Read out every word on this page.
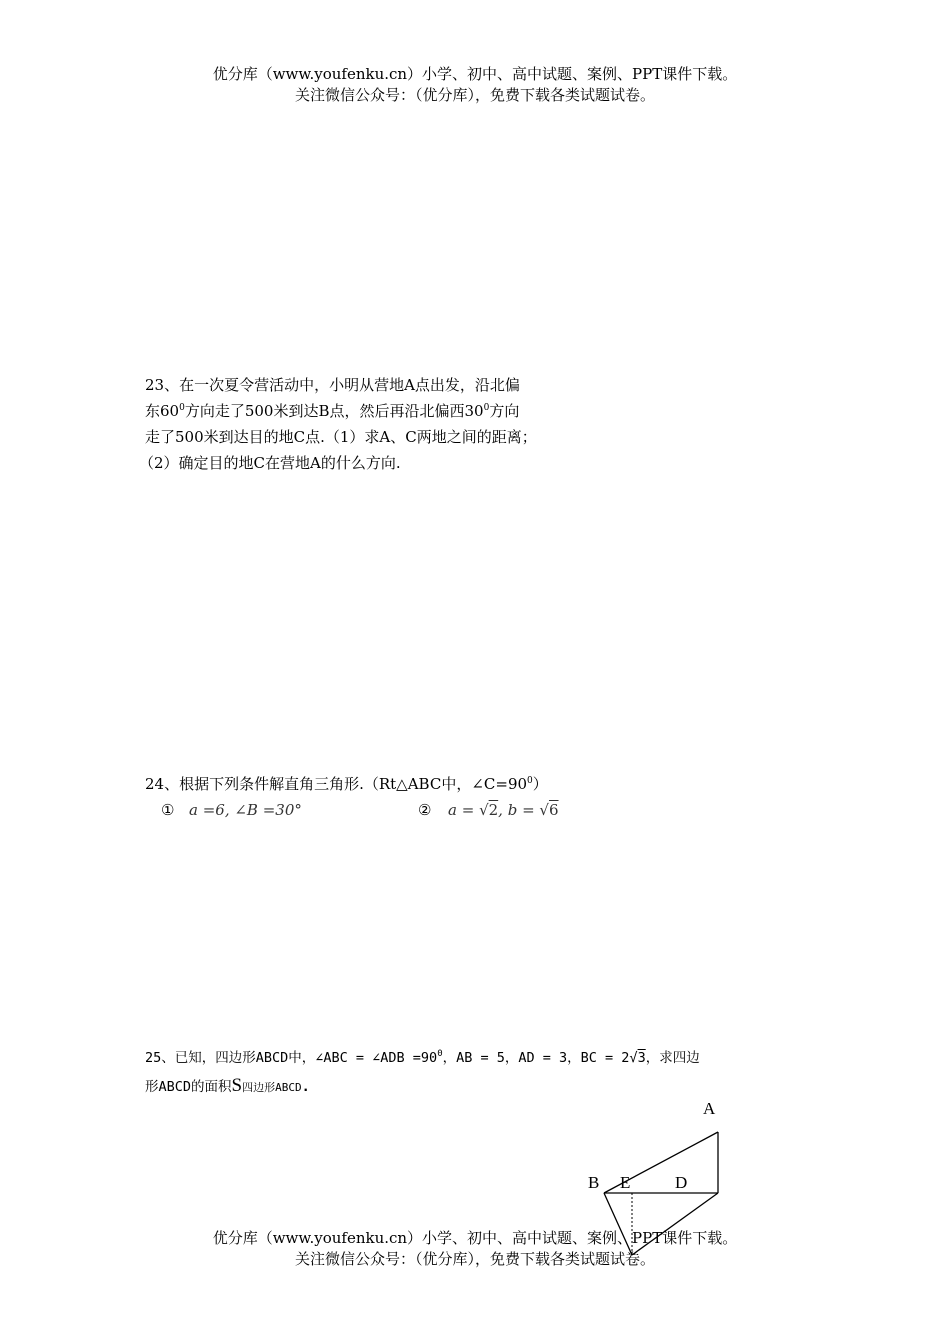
优分库（www.youfenku.cn）小学、初中、高中试题、案例、PPT课件下载。
关注微信公众号：（优分库），免费下载各类试题试卷。
23、在一次夏令营活动中，小明从营地A点出发，沿北偏
东$60^0$方向走了500米到达B点，然后再沿北偏西$30^0$方向
走了500米到达目的地C点.（1）求A、C两地之间的距离；
（2）确定目的地C在营地A的什么方向.
24、根据下列条件解直角三角形.（Rt△ABC中，$\angle C=90^0$）
① a =6, ∠B =30°	② a = √2, b = √6
25、已知，四边形ABCD中，∠ABC = ∠ADB $=90^0$，AB = 5，AD = 3，BC = 2√3，求四边
形ABCD的面积S四边形ABCD.
A
B E	D
优分库（www.youfenku.cn）小学、初中、高中试题、案例、PPT课件下载。
关注微信公众号：（优分库），免费下载各类试题试卷。
